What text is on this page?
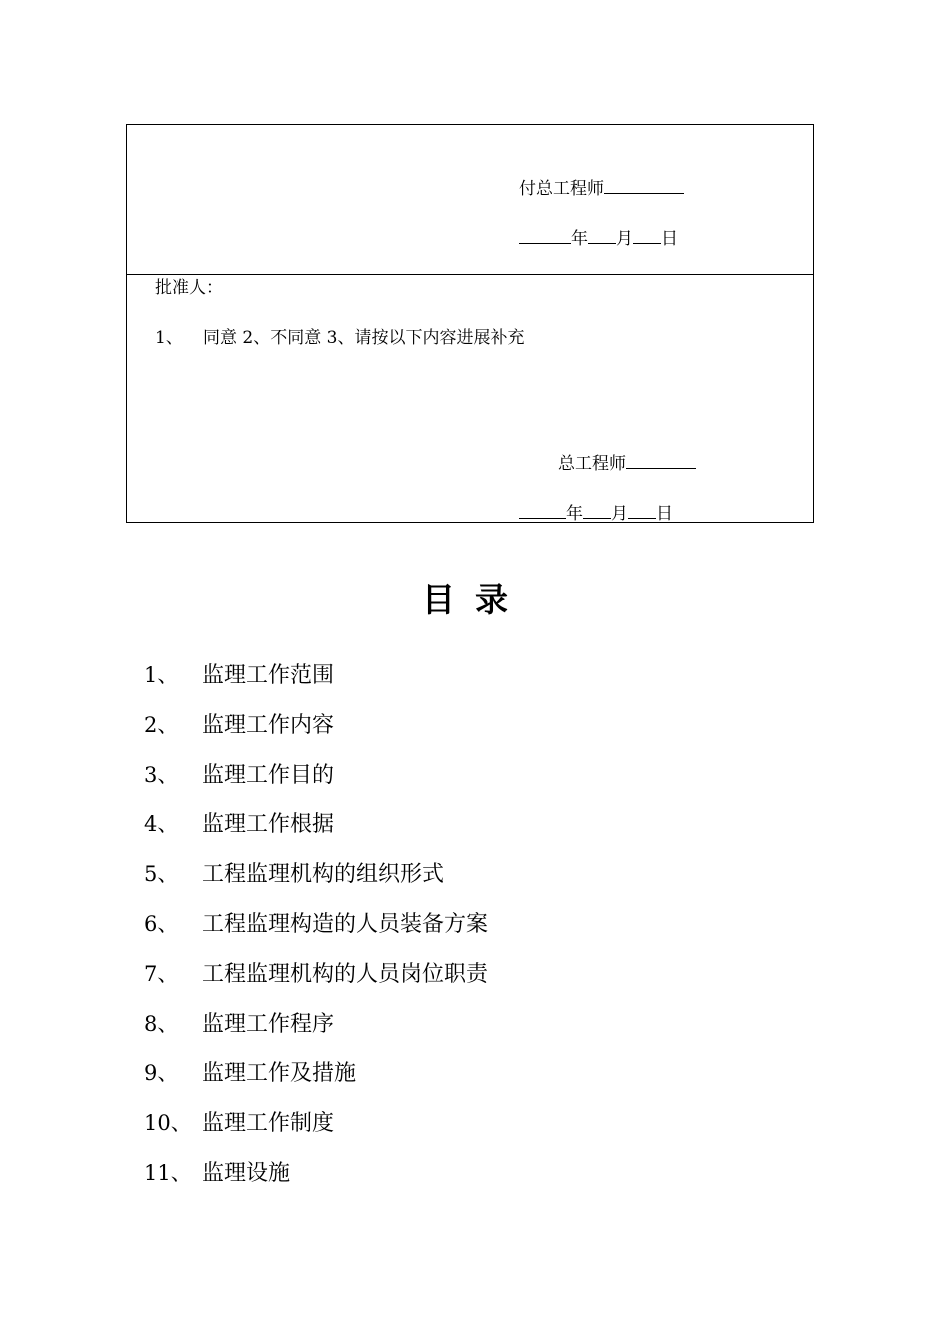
付总工程师
年 月 日
批准人：
1、 同意 2、不同意 3、请按以下内容进展补充
总工程师
年 月 日
目录
1、 监理工作范围
2、 监理工作内容
3、 监理工作目的
4、 监理工作根据
5、 工程监理机构的组织形式
6、 工程监理构造的人员装备方案
7、 工程监理机构的人员岗位职责
8、 监理工作程序
9、 监理工作及措施
10、 监理工作制度
11、 监理设施
